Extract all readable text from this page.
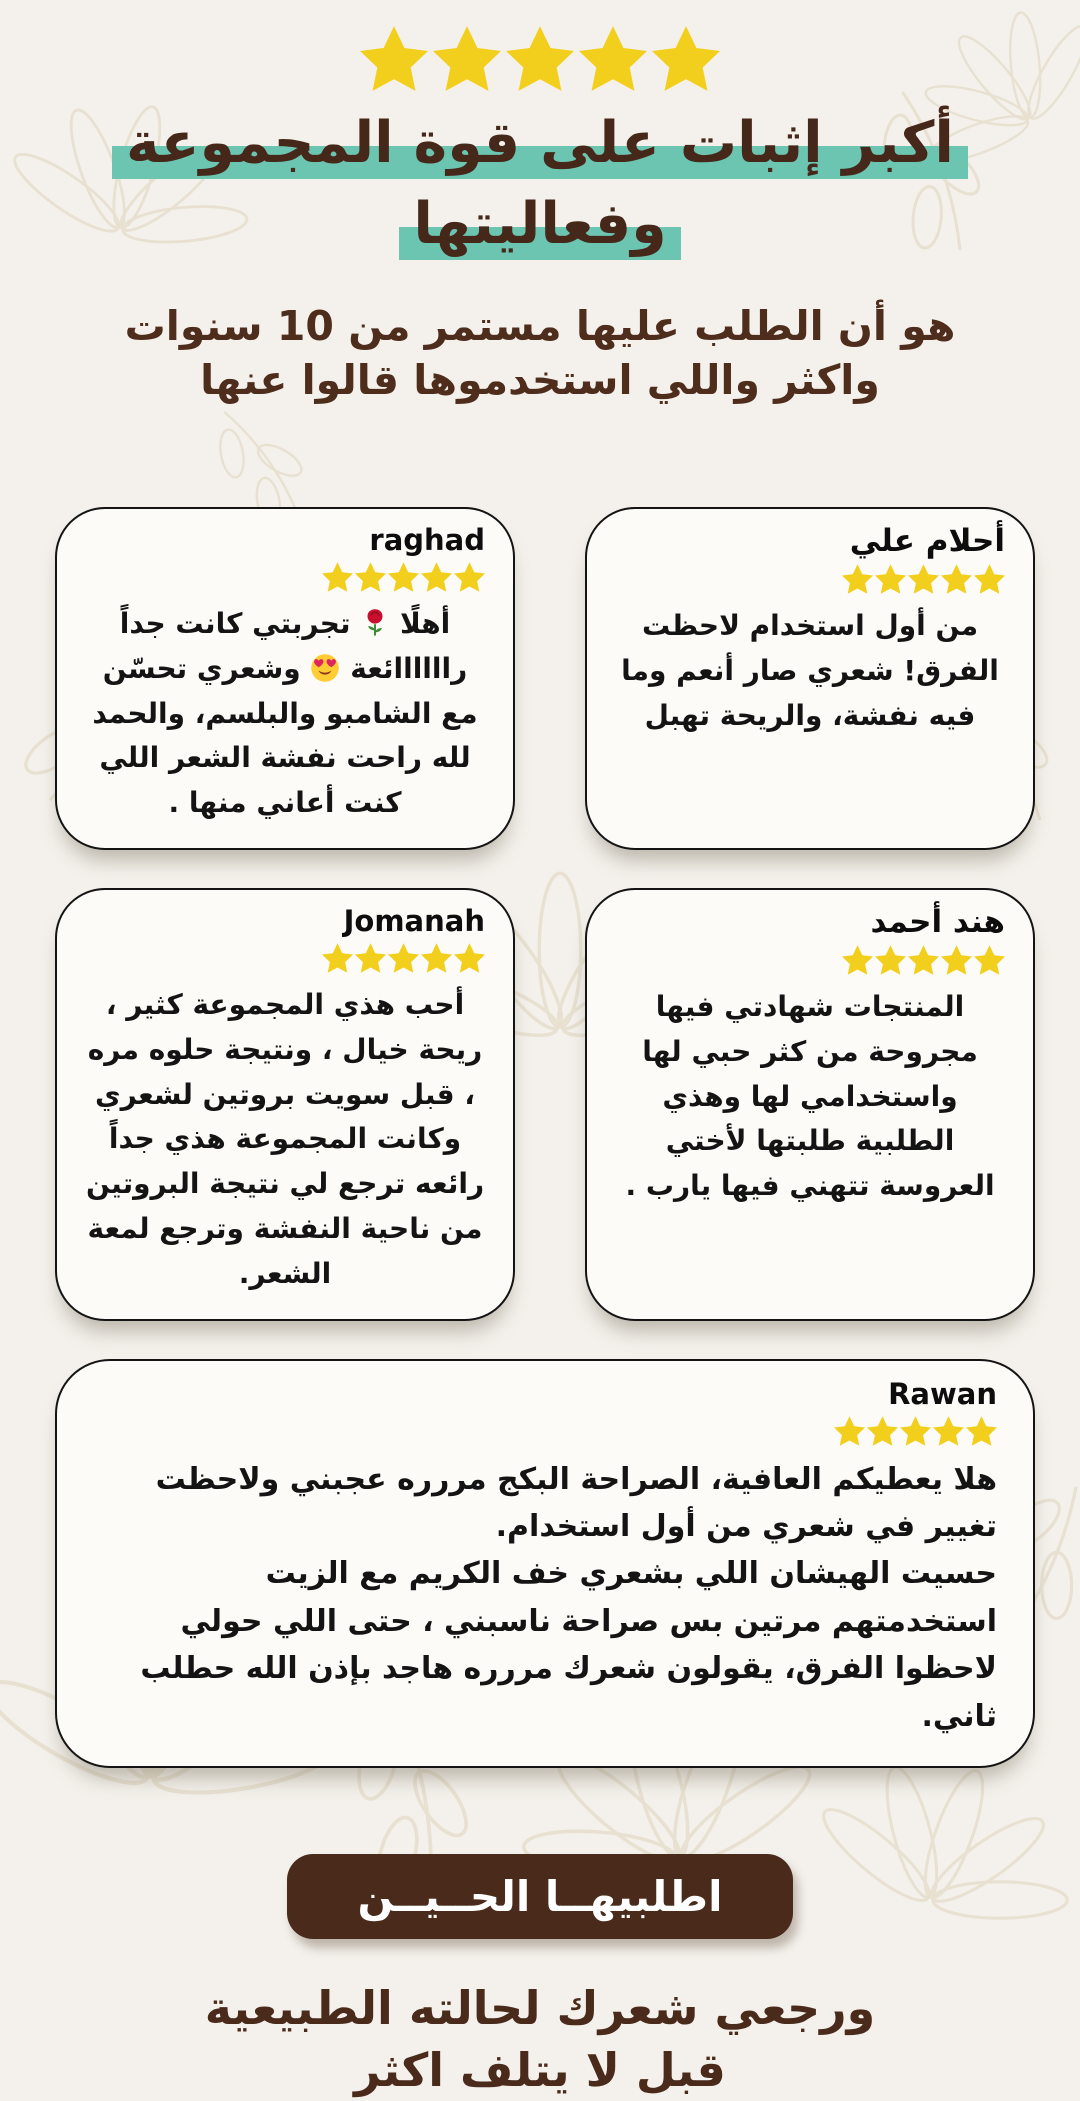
أكبر إثبات على قوة المجموعة
وفعاليتها

هو أن الطلب عليها مستمر من 10 سنوات
واكثر واللي استخدموها قالوا عنها

أحلام علي

من أول استخدام لاحظت الفرق! شعري صار أنعم وما فيه نفشة، والريحة تهبل

raghad

أهلًا  تجربتي كانت جداً راااااائعة  وشعري تحسّن مع الشامبو والبلسم، والحمد لله راحت نفشة الشعر اللي كنت أعاني منها .

هند أحمد

المنتجات شهادتي فيها مجروحة من كثر حبي لها واستخدامي لها وهذي الطلبية طلبتها لأختي العروسة تتهني فيها يارب .

Jomanah

أحب هذي المجموعة كثير ، ريحة خيال ، ونتيجة حلوه مره ، قبل سويت بروتين لشعري وكانت المجموعة هذي جداً رائعه ترجع لي نتيجة البروتين من ناحية النفشة وترجع لمعة الشعر.

Rawan

هلا يعطيكم العافية، الصراحة البكج مررره عجبني ولاحظت تغيير في شعري من أول استخدام.

حسيت الهيشان اللي بشعري خف الكريم مع الزيت استخدمتهم مرتين بس صراحة ناسبني ، حتى اللي حولي لاحظوا الفرق، يقولون شعرك مررره هاجد بإذن الله حطلب ثاني.

اطلبيهــا الحــيــن

ورجعي شعرك لحالته الطبيعية
قبل لا يتلف اكثر
